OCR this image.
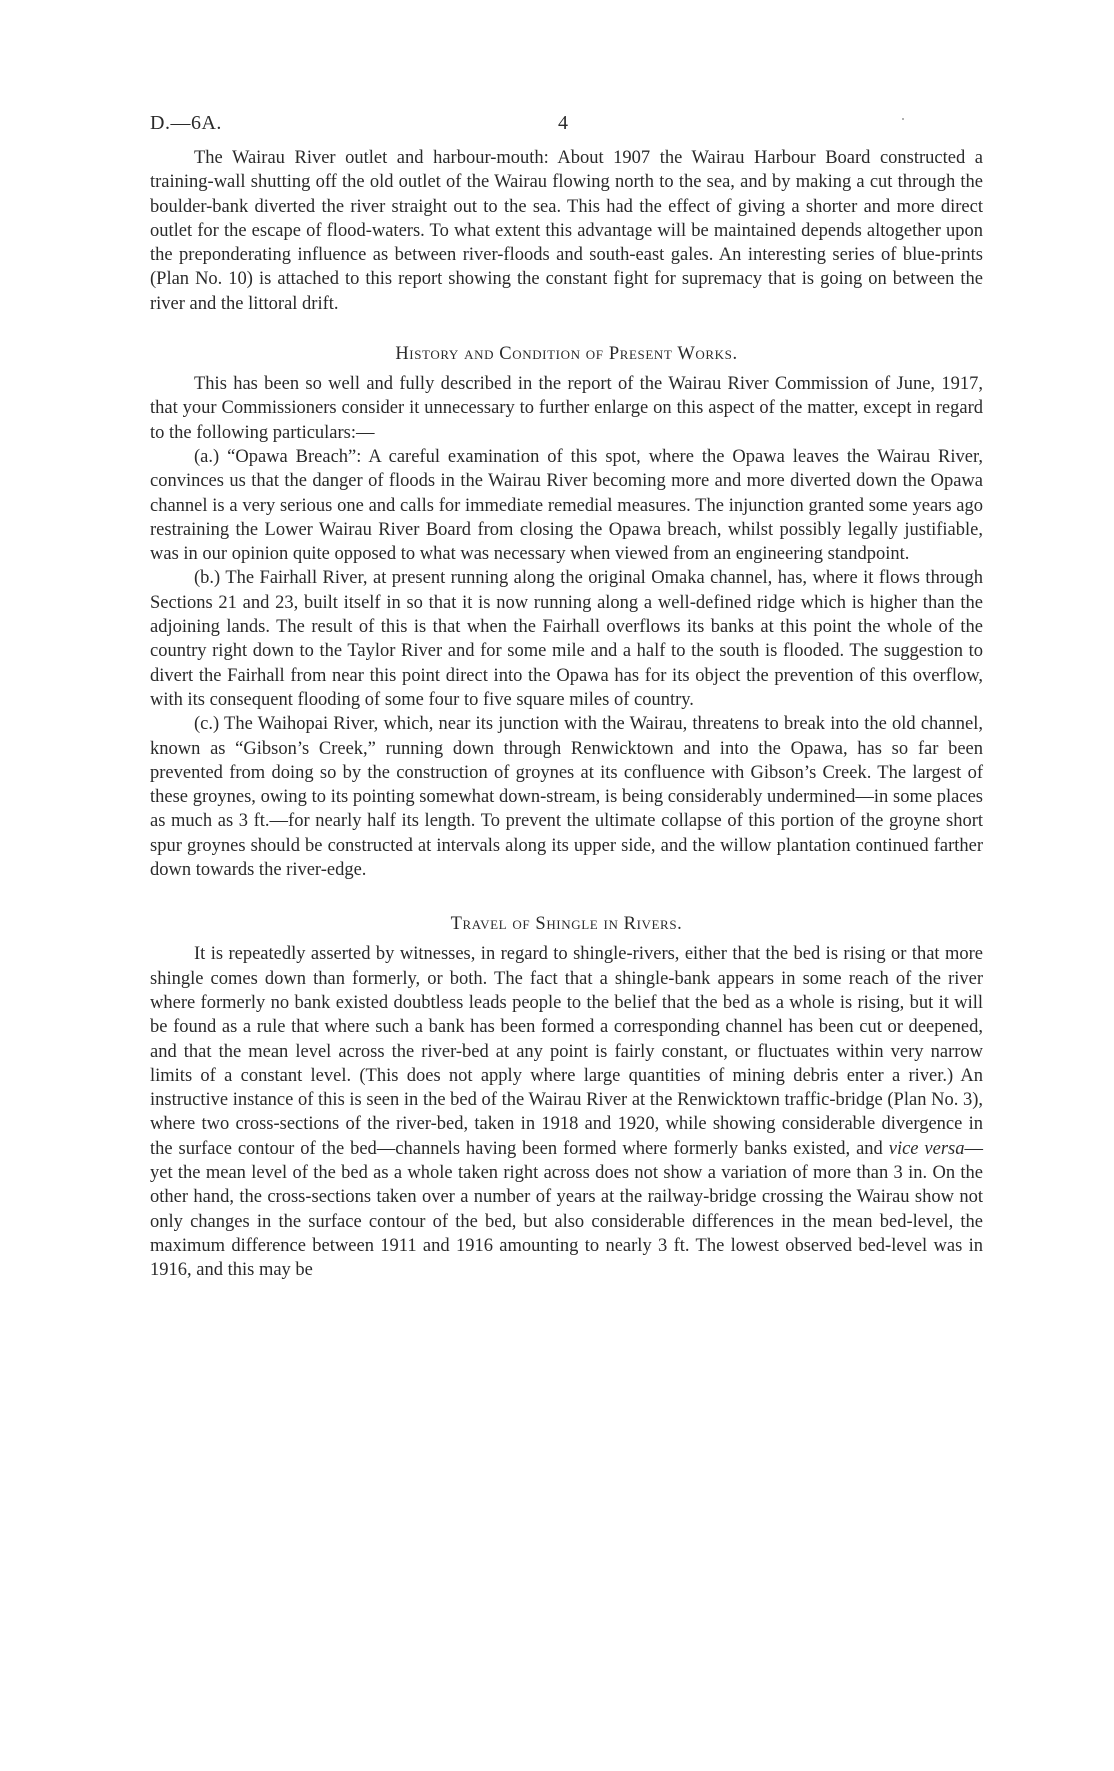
D.—6A.	4

The Wairau River outlet and harbour-mouth: About 1907 the Wairau Harbour Board constructed a training-wall shutting off the old outlet of the Wairau flowing north to the sea, and by making a cut through the boulder-bank diverted the river straight out to the sea. This had the effect of giving a shorter and more direct outlet for the escape of flood-waters. To what extent this advantage will be maintained depends altogether upon the preponderating influence as between river-floods and south-east gales. An interesting series of blue-prints (Plan No. 10) is attached to this report showing the constant fight for supremacy that is going on between the river and the littoral drift.

History and Condition of Present Works.

This has been so well and fully described in the report of the Wairau River Commission of June, 1917, that your Commissioners consider it unnecessary to further enlarge on this aspect of the matter, except in regard to the following particulars:—

(a.) “Opawa Breach”: A careful examination of this spot, where the Opawa leaves the Wairau River, convinces us that the danger of floods in the Wairau River becoming more and more diverted down the Opawa channel is a very serious one and calls for immediate remedial measures. The injunction granted some years ago restraining the Lower Wairau River Board from closing the Opawa breach, whilst possibly legally justifiable, was in our opinion quite opposed to what was necessary when viewed from an engineering standpoint.

(b.) The Fairhall River, at present running along the original Omaka channel, has, where it flows through Sections 21 and 23, built itself in so that it is now running along a well-defined ridge which is higher than the adjoining lands. The result of this is that when the Fairhall overflows its banks at this point the whole of the country right down to the Taylor River and for some mile and a half to the south is flooded. The suggestion to divert the Fairhall from near this point direct into the Opawa has for its object the prevention of this overflow, with its consequent flooding of some four to five square miles of country.

(c.) The Waihopai River, which, near its junction with the Wairau, threatens to break into the old channel, known as “Gibson’s Creek,” running down through Renwicktown and into the Opawa, has so far been prevented from doing so by the construction of groynes at its confluence with Gibson’s Creek. The largest of these groynes, owing to its pointing somewhat down-stream, is being considerably undermined—in some places as much as 3 ft.—for nearly half its length. To prevent the ultimate collapse of this portion of the groyne short spur groynes should be constructed at intervals along its upper side, and the willow plantation continued farther down towards the river-edge.

Travel of Shingle in Rivers.

It is repeatedly asserted by witnesses, in regard to shingle-rivers, either that the bed is rising or that more shingle comes down than formerly, or both. The fact that a shingle-bank appears in some reach of the river where formerly no bank existed doubtless leads people to the belief that the bed as a whole is rising, but it will be found as a rule that where such a bank has been formed a corresponding channel has been cut or deepened, and that the mean level across the river-bed at any point is fairly constant, or fluctuates within very narrow limits of a constant level. (This does not apply where large quantities of mining debris enter a river.) An instructive instance of this is seen in the bed of the Wairau River at the Renwicktown traffic-bridge (Plan No. 3), where two cross-sections of the river-bed, taken in 1918 and 1920, while showing considerable divergence in the surface contour of the bed—channels having been formed where formerly banks existed, and vice versa—yet the mean level of the bed as a whole taken right across does not show a variation of more than 3 in. On the other hand, the cross-sections taken over a number of years at the railway-bridge crossing the Wairau show not only changes in the surface contour of the bed, but also considerable differences in the mean bed-level, the maximum difference between 1911 and 1916 amounting to nearly 3 ft. The lowest observed bed-level was in 1916, and this may be
